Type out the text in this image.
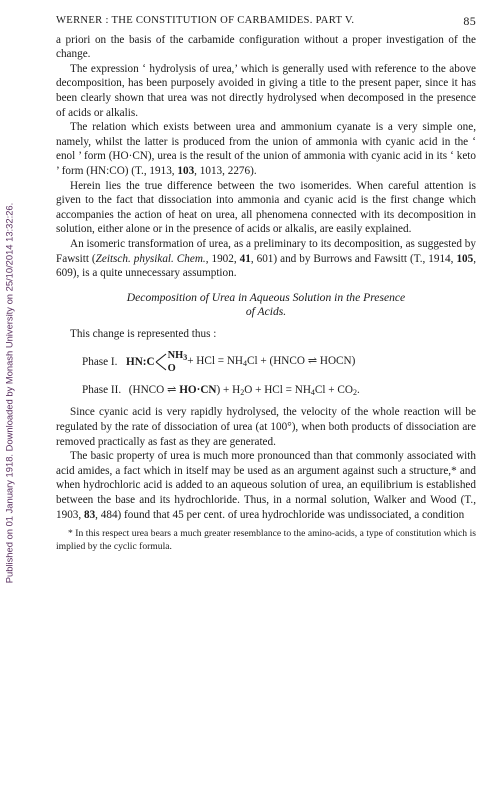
Published on 01 January 1918. Downloaded by Monash University on 25/10/2014 13:32:26.
WERNER : THE CONSTITUTION OF CARBAMIDES. PART V.	85

a priori on the basis of the carbamide configuration without a proper investigation of the change.

The expression ‘ hydrolysis of urea,’ which is generally used with reference to the above decomposition, has been purposely avoided in giving a title to the present paper, since it has been clearly shown that urea was not directly hydrolysed when decomposed in the presence of acids or alkalis.

The relation which exists between urea and ammonium cyanate is a very simple one, namely, whilst the latter is produced from the union of ammonia with cyanic acid in the ‘ enol ’ form (HO·CN), urea is the result of the union of ammonia with cyanic acid in its ‘ keto ’ form (HN:CO) (T., 1913, 103, 1013, 2276).

Herein lies the true difference between the two isomerides. When careful attention is given to the fact that dissociation into ammonia and cyanic acid is the first change which accompanies the action of heat on urea, all phenomena connected with its decomposition in solution, either alone or in the presence of acids or alkalis, are easily explained.

An isomeric transformation of urea, as a preliminary to its decomposition, as suggested by Fawsitt (Zeitsch. physikal. Chem., 1902, 41, 601) and by Burrows and Fawsitt (T., 1914, 105, 609), is a quite unnecessary assumption.

Decomposition of Urea in Aqueous Solution in the Presence
of Acids.

This change is represented thus :

Phase I. HN:C
$NH_3$
O
+ HCl = $NH_4Cl$ + (HNCO ⇌ HOCN)
Phase II. (HNCO ⇌ $HO\cdot CN) + H_2O$ + HCl = $NH_4Cl + CO_2$.

Since cyanic acid is very rapidly hydrolysed, the velocity of the whole reaction will be regulated by the rate of dissociation of urea (at 100°), when both products of dissociation are removed practically as fast as they are generated.

The basic property of urea is much more pronounced than that commonly associated with acid amides, a fact which in itself may be used as an argument against such a structure,* and when hydrochloric acid is added to an aqueous solution of urea, an equilibrium is established between the base and its hydrochloride. Thus, in a normal solution, Walker and Wood (T., 1903, 83, 484) found that 45 per cent. of urea hydrochloride was undissociated, a condition

* In this respect urea bears a much greater resemblance to the amino-acids, a type of constitution which is implied by the cyclic formula.
